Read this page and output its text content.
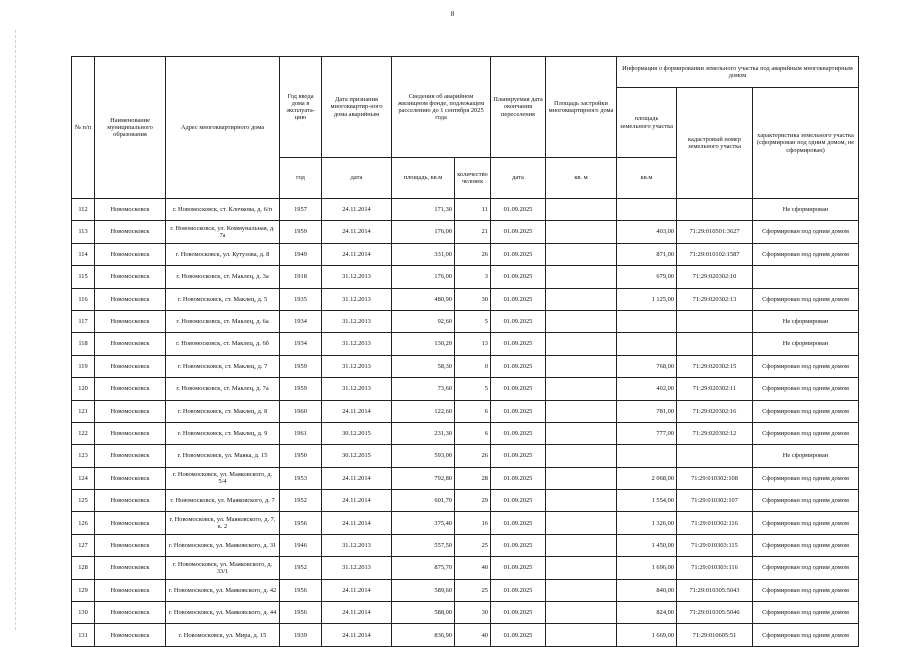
8
№ п/п	Наименование муниципального образования	Адрес многоквартирного дома	Год ввода дома в эксплуата-цию	Дата признания многоквартир-ного дома аварийным	Сведения об аварийном жилищном фонде, подлежащем расселению до 1 сентября 2025 года		Планируемая дата окончания переселения	Площадь застройки многоквартирного дома	Информация о формировании земельного участка под аварийным многоквартирным домом		
									площадь земельного участка	кадастровый номер земельного участка	характеристика земельного участка (сформирован под одним домом, не сформирован)
			год	дата	площадь, кв.м	количество человек	дата	кв. м	кв.м		
112	Новомосковск	г. Новомосковск, ст. Клочкова, д. 6/п	1957	24.11.2014	171,30	11	01.09.2025				Не сформирован
113	Новомосковск	г. Новомосковск, ул. Коммунальная, д. 7а	1959	24.11.2014	176,00	21	01.09.2025		403,00	71:29:010501:3627	Сформирован под одним домом
114	Новомосковск	г. Новомосковск, ул. Кутузова, д. 8	1949	24.11.2014	331,00	26	01.09.2025		871,00	71:29:010102:1587	Сформирован под одним домом
115	Новомосковск	г. Новомосковск, ст. Маклец, д. 3а	1918	31.12.2013	176,00	3	01.09.2025		679,00	71:29:020302:10	
116	Новомосковск	г. Новомосковск, ст. Маклец, д. 5	1935	31.12.2013	480,90	30	01.09.2025		1 125,00	71:29:020302:13	Сформирован под одним домом
117	Новомосковск	г. Новомосковск, ст. Маклец, д. 6а	1934	31.12.2013	92,60	5	01.09.2025				Не сформирован
118	Новомосковск	г. Новомосковск, ст. Маклец, д. 6б	1934	31.12.2013	130,20	13	01.09.2025				Не сформирован
119	Новомосковск	г. Новомосковск, ст. Маклец, д. 7	1959	31.12.2013	58,30	0	01.09.2025		768,00	71:29:020302:15	Сформирован под одним домом
120	Новомосковск	г. Новомосковск, ст. Маклец, д. 7а	1959	31.12.2013	73,60	5	01.09.2025		402,00	71:29:020302:11	Сформирован под одним домом
121	Новомосковск	г. Новомосковск, ст. Маклец, д. 8	1960	24.11.2014	122,60	6	01.09.2025		781,00	71:29:020302:16	Сформирован под одним домом
122	Новомосковск	г. Новомосковск, ст. Маклец, д. 9	1961	30.12.2015	231,30	6	01.09.2025		777,00	71:29:020302:12	Сформирован под одним домом
123	Новомосковск	г. Новомосковск, ул. Маяка, д. 15	1950	30.12.2015	593,00	26	01.09.2025				Не сформирован
124	Новомосковск	г. Новомосковск, ул. Маяковского, д. 5/4	1953	24.11.2014	792,80	28	01.09.2025		2 068,00	71:29:010302:108	Сформирован под одним домом
125	Новомосковск	г. Новомосковск, ул. Маяковского, д. 7	1952	24.11.2014	601,70	29	01.09.2025		1 554,00	71:29:010302:107	Сформирован под одним домом
126	Новомосковск	г. Новомосковск, ул. Маяковского, д. 7, к. 2	1956	24.11.2014	375,40	16	01.09.2025		1 326,00	71:29:010302:116	Сформирован под одним домом
127	Новомосковск	г. Новомосковск, ул. Маяковского, д. 31	1946	31.12.2013	557,50	25	01.09.2025		1 450,00	71:29:010303:115	Сформирован под одним домом
128	Новомосковск	г. Новомосковск, ул. Маяковского, д. 33/1	1952	31.12.2013	875,70	40	01.09.2025		1 696,00	71:29:010303:116	Сформирован под одним домом
129	Новомосковск	г. Новомосковск, ул. Маяковского, д. 42	1956	24.11.2014	589,60	25	01.09.2025		840,00	71:29:010305:5043	Сформирован под одним домом
130	Новомосковск	г. Новомосковск, ул. Маяковского, д. 44	1956	24.11.2014	588,00	30	01.09.2025		824,00	71:29:010305:5046	Сформирован под одним домом
131	Новомосковск	г. Новомосковск, ул. Мира, д. 15	1939	24.11.2014	836,90	40	01.09.2025		1 669,00	71:29:010605:51	Сформирован под одним домом
